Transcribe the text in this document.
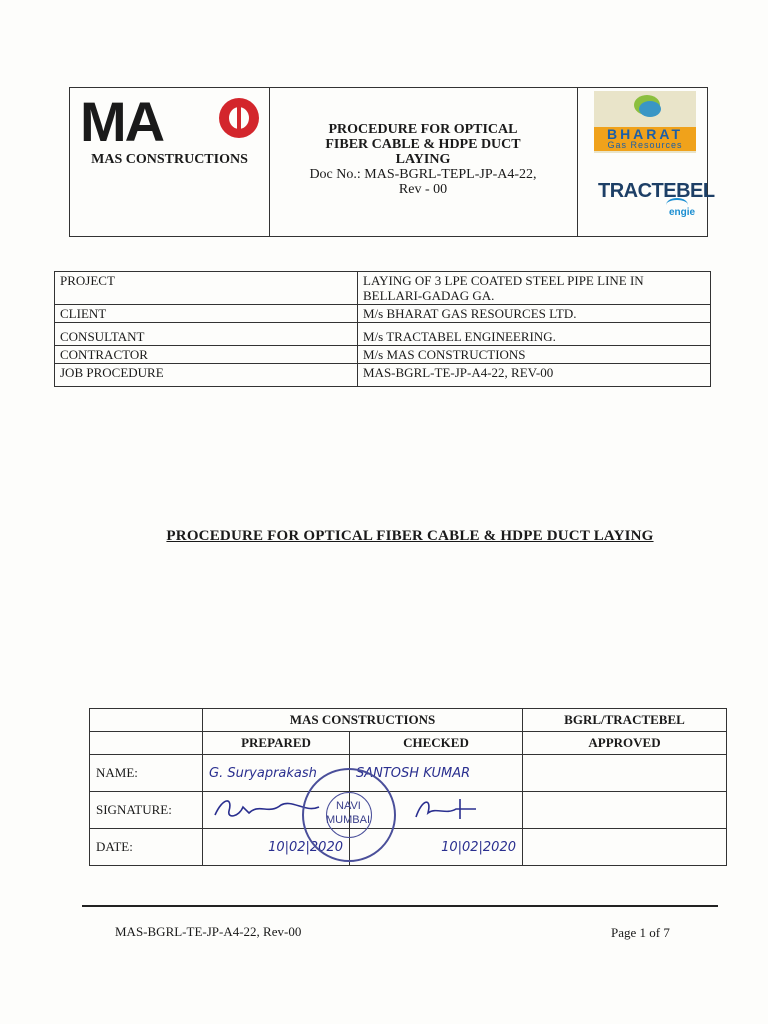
MA
MAS CONSTRUCTIONS
PROCEDURE FOR OPTICAL
FIBER CABLE & HDPE DUCT
LAYING
Doc No.: MAS-BGRL-TEPL-JP-A4-22,
Rev - 00
BHARAT
Gas Resources
TRACTEBEL
engie
PROJECT	LAYING OF 3 LPE COATED STEEL PIPE LINE IN BELLARI-GADAG GA.
CLIENT	M/s BHARAT GAS RESOURCES LTD.
CONSULTANT	M/s TRACTABEL ENGINEERING.
CONTRACTOR	M/s MAS CONSTRUCTIONS
JOB PROCEDURE	MAS-BGRL-TE-JP-A4-22, REV-00
PROCEDURE FOR OPTICAL FIBER CABLE & HDPE DUCT LAYING
	MAS CONSTRUCTIONS		BGRL/TRACTEBEL
	PREPARED	CHECKED	APPROVED
NAME:	G. Suryaprakash	SANTOSH KUMAR	
SIGNATURE:			
DATE:	10|02|2020	10|02|2020	
NAVI
MUMBAI
MAS-BGRL-TE-JP-A4-22, Rev-00	Page 1 of 7
